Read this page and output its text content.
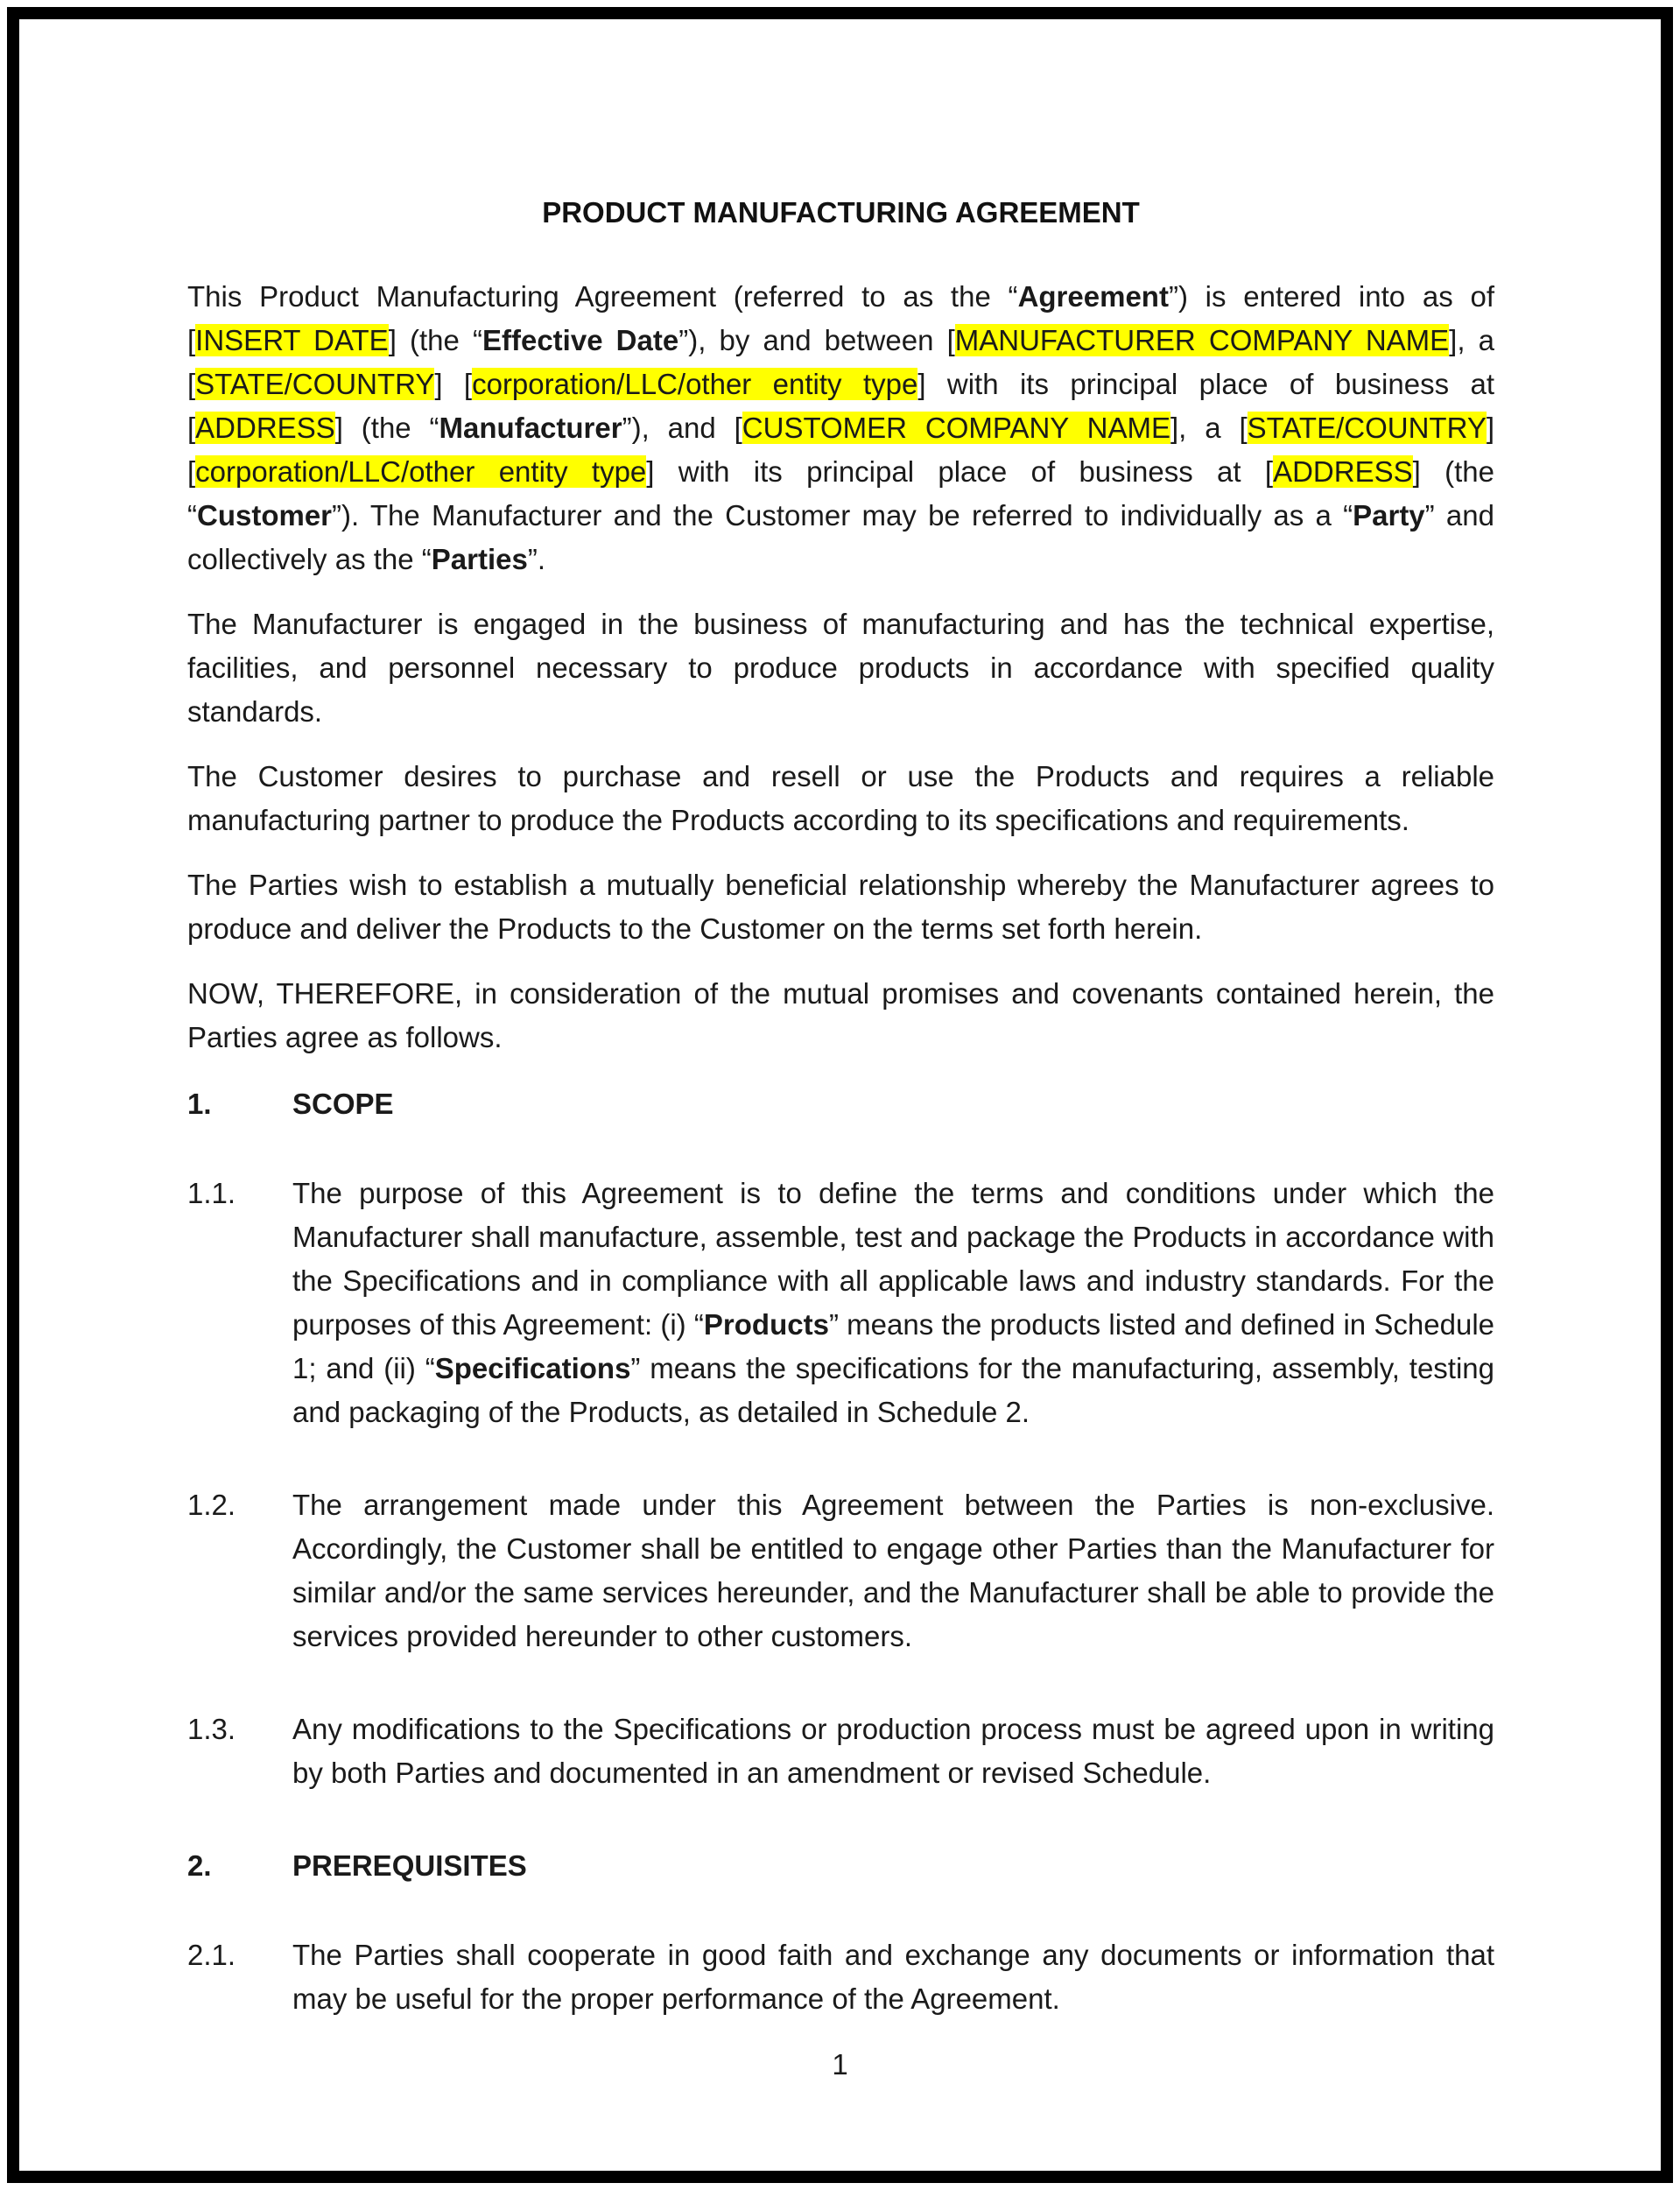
PRODUCT MANUFACTURING AGREEMENT

This Product Manufacturing Agreement (referred to as the “Agreement”) is entered into as of [INSERT DATE] (the “Effective Date”), by and between [MANUFACTURER COMPANY NAME], a [STATE/COUNTRY] [corporation/LLC/other entity type] with its principal place of business at [ADDRESS] (the “Manufacturer”), and [CUSTOMER COMPANY NAME], a [STATE/COUNTRY] [corporation/LLC/other entity type] with its principal place of business at [ADDRESS] (the “Customer”). The Manufacturer and the Customer may be referred to individually as a “Party” and collectively as the “Parties”.

The Manufacturer is engaged in the business of manufacturing and has the technical expertise, facilities, and personnel necessary to produce products in accordance with specified quality standards.

The Customer desires to purchase and resell or use the Products and requires a reliable manufacturing partner to produce the Products according to its specifications and requirements.

The Parties wish to establish a mutually beneficial relationship whereby the Manufacturer agrees to produce and deliver the Products to the Customer on the terms set forth herein.

NOW, THEREFORE, in consideration of the mutual promises and covenants contained herein, the Parties agree as follows.

1.	SCOPE
1.1.	The purpose of this Agreement is to define the terms and conditions under which the Manufacturer shall manufacture, assemble, test and package the Products in accordance with the Specifications and in compliance with all applicable laws and industry standards. For the purposes of this Agreement: (i) “Products” means the products listed and defined in Schedule 1; and (ii) “Specifications” means the specifications for the manufacturing, assembly, testing and packaging of the Products, as detailed in Schedule 2.
1.2.	The arrangement made under this Agreement between the Parties is non-exclusive. Accordingly, the Customer shall be entitled to engage other Parties than the Manufacturer for similar and/or the same services hereunder, and the Manufacturer shall be able to provide the services provided hereunder to other customers.
1.3.	Any modifications to the Specifications or production process must be agreed upon in writing by both Parties and documented in an amendment or revised Schedule.
2.	PREREQUISITES
2.1.	The Parties shall cooperate in good faith and exchange any documents or information that may be useful for the proper performance of the Agreement.
1
